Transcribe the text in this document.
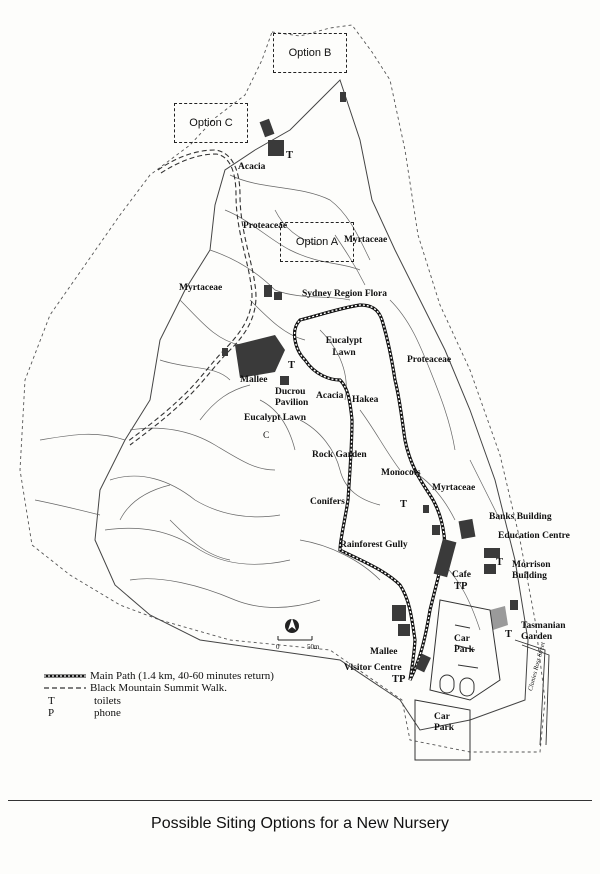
Option B
Option C
Option A
Acacia
Proteaceae
Myrtaceae
Myrtaceae
Sydney Region Flora
Eucalypt Lawn
Proteaceae
Mallee
Ducrou Pavilion
Acacia Hakea
Eucalypt Lawn
Rock Garden
Monocots
Myrtaceae
Conifers
Banks Building
Education Centre
Rainforest Gully
Cafe
Morrison Building
Tasmanian Garden
Car Park
Mallee
Visitor Centre
Car Park
T
T
T
T
T
TP
TP
C
Clunies Ross Street
0	50m
Main Path (1.4 km, 40-60 minutes return)
Black Mountain Summit Walk.
T	toilets
P	phone
Possible Siting Options for a New Nursery
